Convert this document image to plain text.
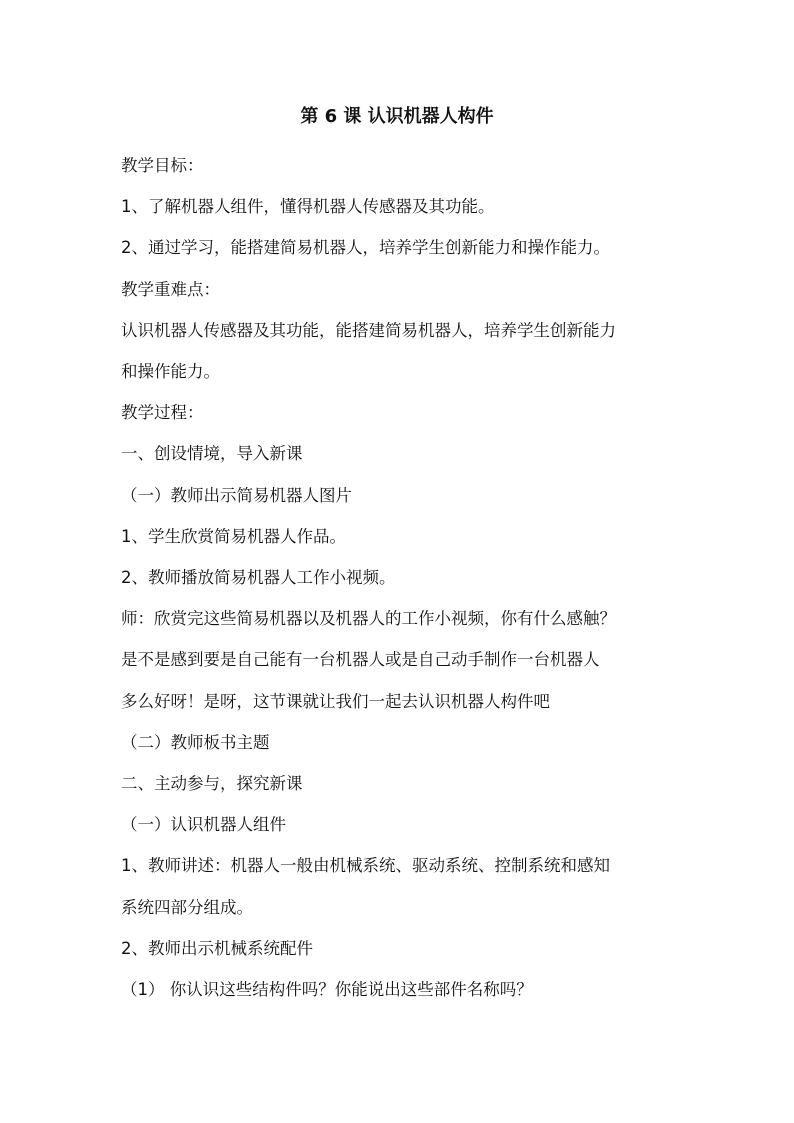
第 6 课 认识机器人构件

教学目标：

1、了解机器人组件，懂得机器人传感器及其功能。

2、通过学习，能搭建简易机器人，培养学生创新能力和操作能力。

教学重难点：

认识机器人传感器及其功能，能搭建简易机器人，培养学生创新能力

和操作能力。

教学过程：

一、创设情境，导入新课

（一）教师出示简易机器人图片

1、学生欣赏简易机器人作品。

2、教师播放简易机器人工作小视频。

师：欣赏完这些简易机器以及机器人的工作小视频，你有什么感触？

是不是感到要是自己能有一台机器人或是自己动手制作一台机器人

多么好呀！是呀，这节课就让我们一起去认识机器人构件吧

（二）教师板书主题

二、主动参与，探究新课

（一）认识机器人组件

1、教师讲述：机器人一般由机械系统、驱动系统、控制系统和感知

系统四部分组成。

2、教师出示机械系统配件

（1） 你认识这些结构件吗？你能说出这些部件名称吗？
